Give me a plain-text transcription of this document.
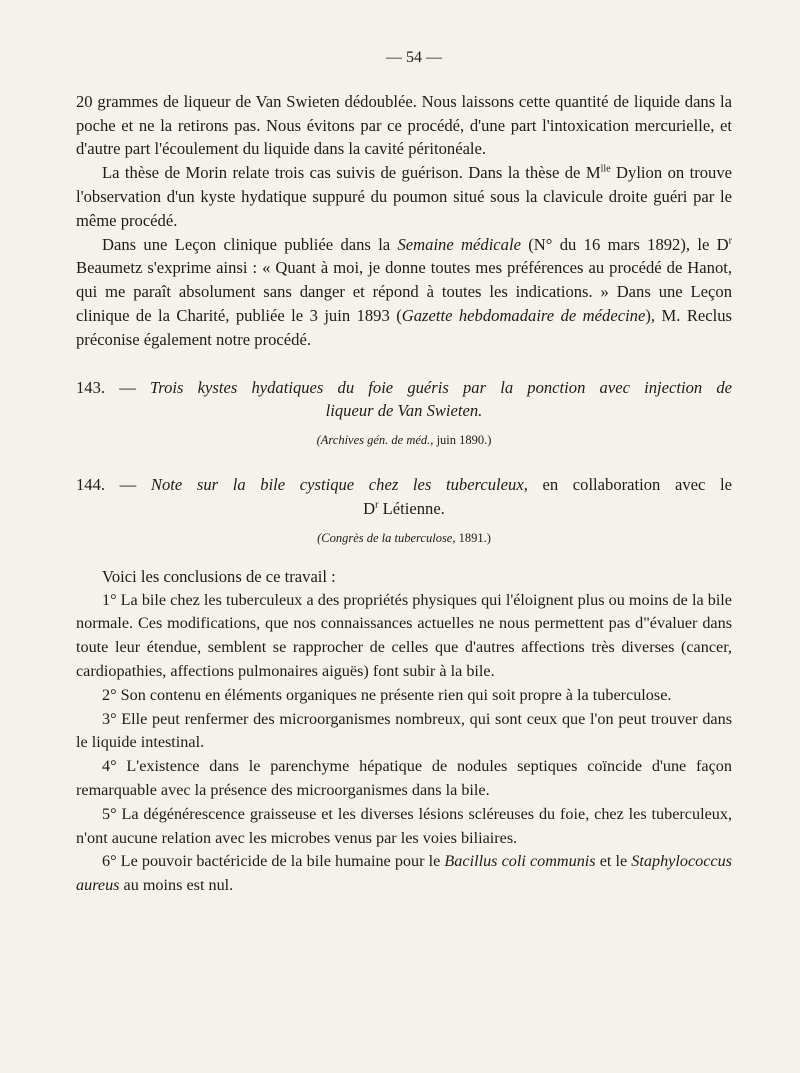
— 54 —

20 grammes de liqueur de Van Swieten dédoublée. Nous laissons cette quantité de liquide dans la poche et ne la retirons pas. Nous évitons par ce procédé, d'une part l'intoxication mercurielle, et d'autre part l'écoulement du liquide dans la cavité péritonéale.

La thèse de Morin relate trois cas suivis de guérison. Dans la thèse de $M^{lle}$ Dylion on trouve l'observation d'un kyste hydatique suppuré du poumon situé sous la clavicule droite guéri par le même procédé.

Dans une Leçon clinique publiée dans la Semaine médicale (N° du 16 mars 1892), le $D^r$ Beaumetz s'exprime ainsi : « Quant à moi, je donne toutes mes préférences au procédé de Hanot, qui me paraît absolument sans danger et répond à toutes les indications. » Dans une Leçon clinique de la Charité, publiée le 3 juin 1893 (Gazette hebdomadaire de médecine), M. Reclus préconise également notre procédé.

143. — Trois kystes hydatiques du foie guéris par la ponction avec injection de

liqueur de Van Swieten.

(Archives gén. de méd., juin 1890.)

144. — Note sur la bile cystique chez les tuberculeux, en collaboration avec le

$D^r$ Létienne.

(Congrès de la tuberculose, 1891.)

Voici les conclusions de ce travail :

1° La bile chez les tuberculeux a des propriétés physiques qui l'éloignent plus ou moins de la bile normale. Ces modifications, que nos connaissances actuelles ne nous permettent pas d"évaluer dans toute leur étendue, semblent se rapprocher de celles que d'autres affections très diverses (cancer, cardiopathies, affections pulmonaires aiguës) font subir à la bile.

2° Son contenu en éléments organiques ne présente rien qui soit propre à la tuberculose.

3° Elle peut renfermer des microorganismes nombreux, qui sont ceux que l'on peut trouver dans le liquide intestinal.

4° L'existence dans le parenchyme hépatique de nodules septiques coïncide d'une façon remarquable avec la présence des microorganismes dans la bile.

5° La dégénérescence graisseuse et les diverses lésions scléreuses du foie, chez les tuberculeux, n'ont aucune relation avec les microbes venus par les voies biliaires.

6° Le pouvoir bactéricide de la bile humaine pour le Bacillus coli communis et le Staphylococcus aureus au moins est nul.
